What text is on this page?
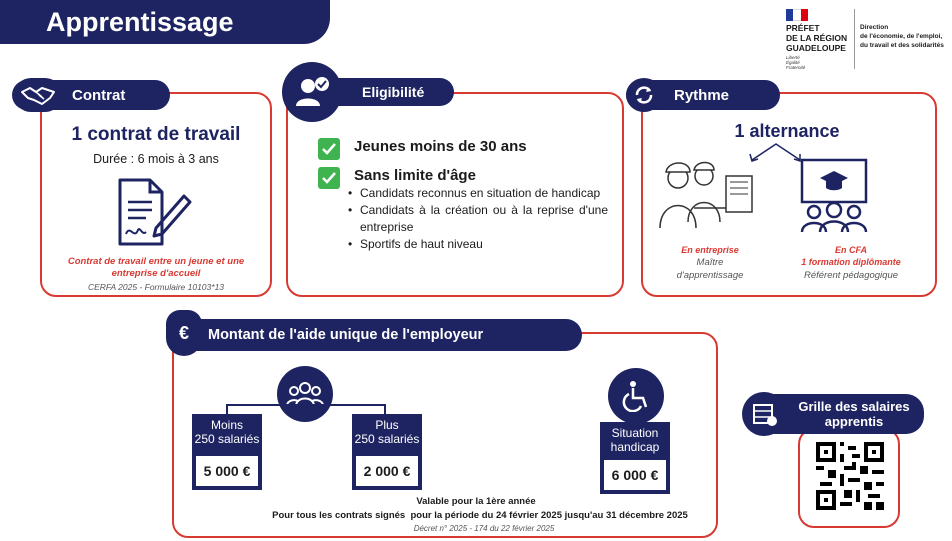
Apprentissage	PRÉFET
DE LA RÉGION
GUADELOUPE
Liberté
Égalité
Fraternité
Direction
de l'économie, de l'emploi,
du travail et des solidarités
Contrat
1 contrat de travail
Durée : 6 mois à 3 ans
Contrat de travail entre un jeune et une entreprise d'accueil
CERFA 2025 - Formulaire 10103*13
Eligibilité
Jeunes moins de 30 ans
Sans limite d'âge
• Candidats reconnus en situation de handicap
• Candidats à la création ou à la reprise d'une entreprise
• Sportifs de haut niveau
Rythme
1 alternance
En entreprise
Maître
d'apprentissage
En CFA
1 formation diplômante
Référent pédagogique
Montant de l'aide unique de l'employeur
€
Moins
250 salariés
5 000 €
Plus
250 salariés
2 000 €
Situation
handicap
6 000 €
Valable pour la 1ère année
Pour tous les contrats signés  pour la période du 24 février 2025 jusqu'au 31 décembre 2025
Décret n° 2025 - 174 du 22 février 2025
Grille des salaires
apprentis
